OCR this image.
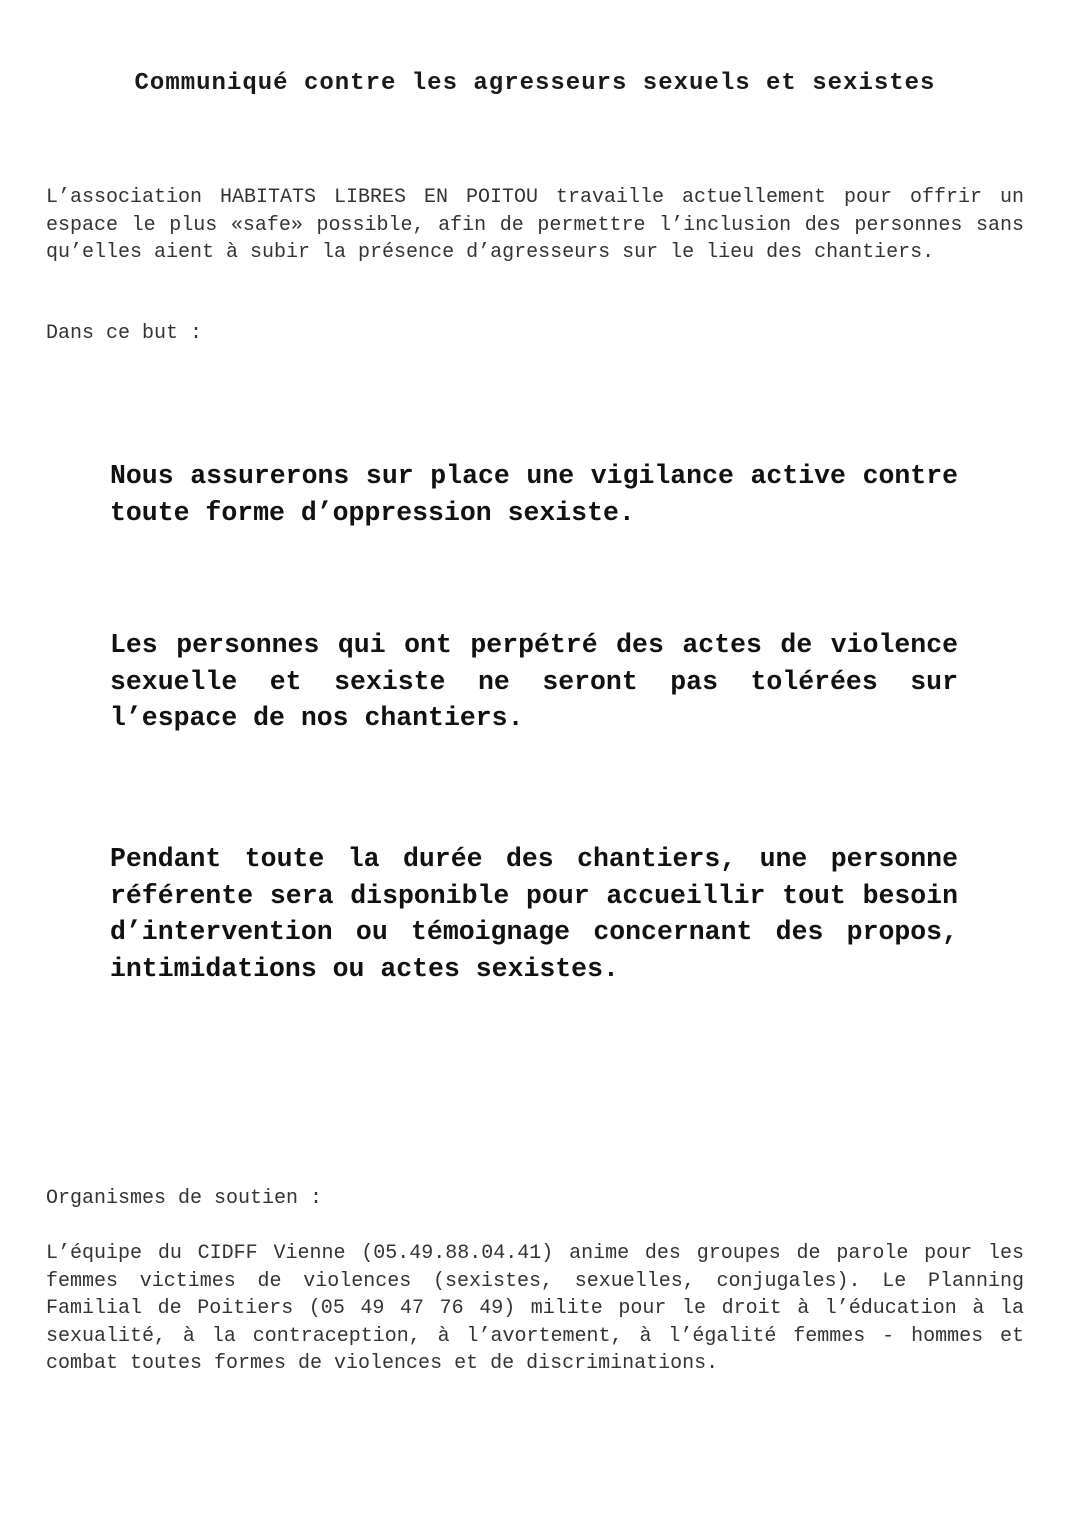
Communiqué contre les agresseurs sexuels et sexistes

L’association HABITATS LIBRES EN POITOU travaille actuellement pour offrir un espace le plus «safe» possible, afin de permettre l’inclusion des personnes sans qu’elles aient à subir la présence d’agresseurs sur le lieu des chantiers.

Dans ce but :

Nous assurerons sur place une vigilance active contre toute forme d’oppression sexiste.

Les personnes qui ont perpétré des actes de violence sexuelle et sexiste ne seront pas tolérées sur l’espace de nos chantiers.

Pendant toute la durée des chantiers, une personne référente sera disponible pour accueillir tout besoin d’intervention ou témoignage concernant des propos, intimidations ou actes sexistes.

Organismes de soutien :

L’équipe du CIDFF Vienne (05.49.88.04.41) anime des groupes de parole pour les femmes victimes de violences (sexistes, sexuelles, conjugales). Le Planning Familial de Poitiers (05 49 47 76 49) milite pour le droit à l’éducation à la sexualité, à la contraception, à l’avortement, à l’égalité femmes - hommes et combat toutes formes de violences et de discriminations.
